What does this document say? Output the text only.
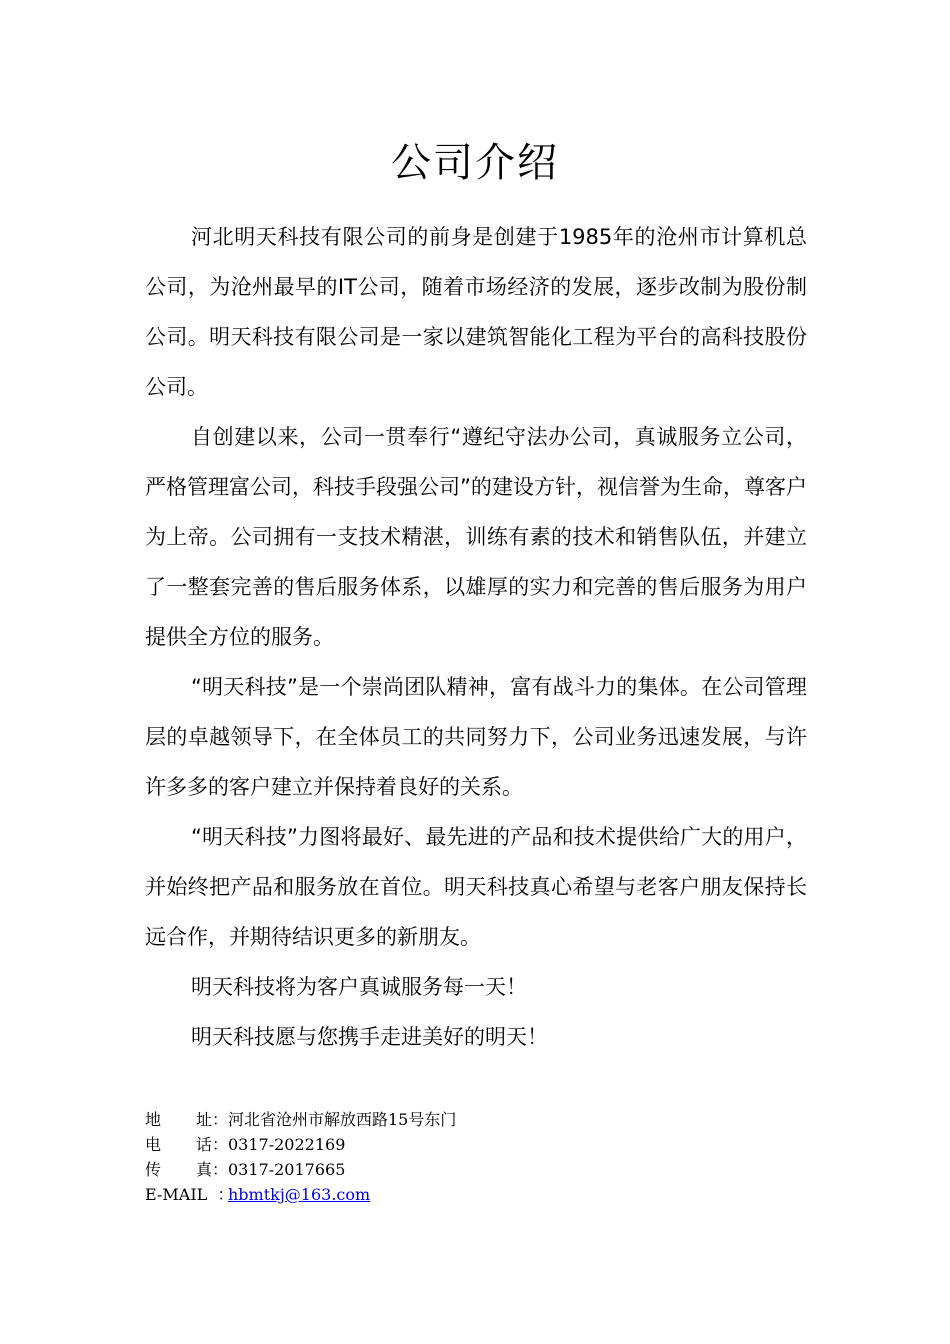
公司介绍

河北明天科技有限公司的前身是创建于1985年的沧州市计算机总公司，为沧州最早的IT公司，随着市场经济的发展，逐步改制为股份制公司。明天科技有限公司是一家以建筑智能化工程为平台的高科技股份公司。

自创建以来，公司一贯奉行“遵纪守法办公司，真诚服务立公司，严格管理富公司，科技手段强公司”的建设方针，视信誉为生命，尊客户为上帝。公司拥有一支技术精湛，训练有素的技术和销售队伍，并建立了一整套完善的售后服务体系，以雄厚的实力和完善的售后服务为用户提供全方位的服务。

“明天科技”是一个崇尚团队精神，富有战斗力的集体。在公司管理层的卓越领导下，在全体员工的共同努力下，公司业务迅速发展，与许许多多的客户建立并保持着良好的关系。

“明天科技”力图将最好、最先进的产品和技术提供给广大的用户，并始终把产品和服务放在首位。明天科技真心希望与老客户朋友保持长远合作，并期待结识更多的新朋友。

明天科技将为客户真诚服务每一天！

明天科技愿与您携手走进美好的明天！

地 址： 河北省沧州市解放西路15号东门
电 话： 0317-2022169
传 真： 0317-2017665
E-MAIL  ：
hbmtkj@163.com
